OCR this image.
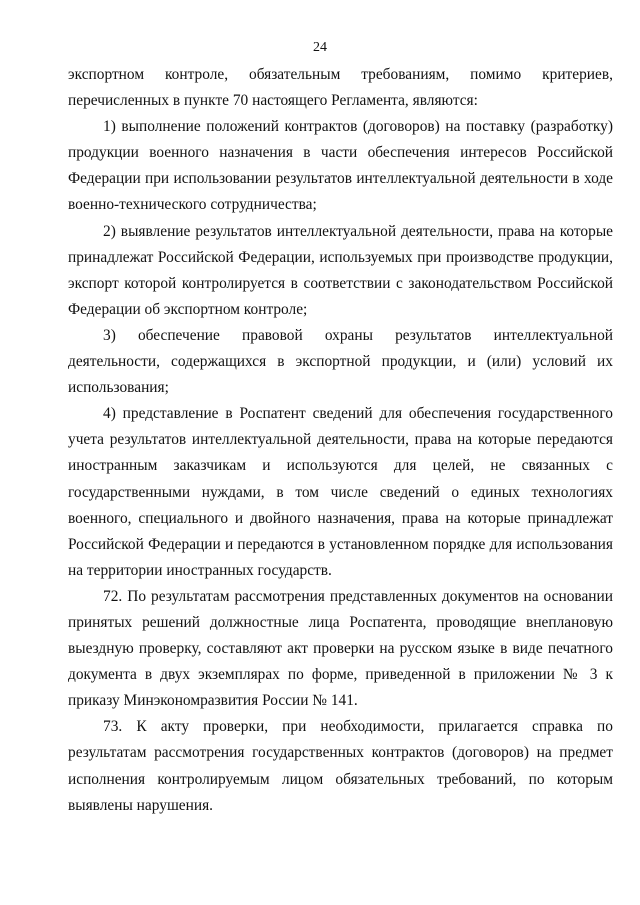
24

экспортном контроле, обязательным требованиям, помимо критериев, перечисленных в пункте 70 настоящего Регламента, являются:

1) выполнение положений контрактов (договоров) на поставку (разработку) продукции военного назначения в части обеспечения интересов Российской Федерации при использовании результатов интеллектуальной деятельности в ходе военно-технического сотрудничества;

2) выявление результатов интеллектуальной деятельности, права на которые принадлежат Российской Федерации, используемых при производстве продукции, экспорт которой контролируется в соответствии с законодательством Российской Федерации об экспортном контроле;

3) обеспечение правовой охраны результатов интеллектуальной деятельности, содержащихся в экспортной продукции, и (или) условий их использования;

4) представление в Роспатент сведений для обеспечения государственного учета результатов интеллектуальной деятельности, права на которые передаются иностранным заказчикам и используются для целей, не связанных с государственными нуждами, в том числе сведений о единых технологиях военного, специального и двойного назначения, права на которые принадлежат Российской Федерации и передаются в установленном порядке для использования на территории иностранных государств.

72. По результатам рассмотрения представленных документов на основании принятых решений должностные лица Роспатента, проводящие внеплановую выездную проверку, составляют акт проверки на русском языке в виде печатного документа в двух экземплярах по форме, приведенной в приложении № 3 к приказу Минэкономразвития России № 141.

73. К акту проверки, при необходимости, прилагается справка по результатам рассмотрения государственных контрактов (договоров) на предмет исполнения контролируемым лицом обязательных требований, по которым выявлены нарушения.
